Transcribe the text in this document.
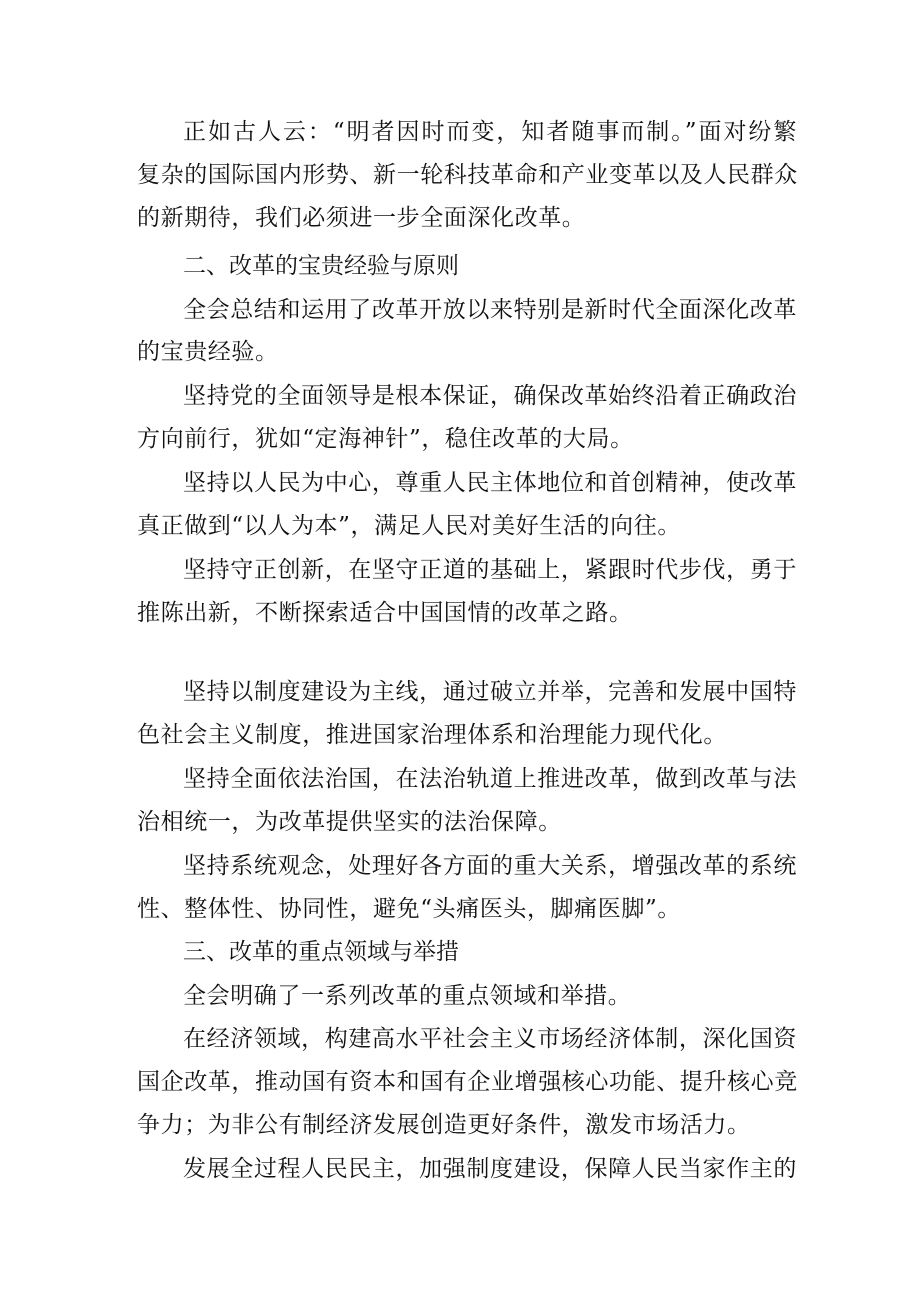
正如古人云：“明者因时而变，知者随事而制。”面对纷繁
复杂的国际国内形势、新一轮科技革命和产业变革以及人民群众
的新期待，我们必须进一步全面深化改革。
二、改革的宝贵经验与原则
全会总结和运用了改革开放以来特别是新时代全面深化改革
的宝贵经验。
坚持党的全面领导是根本保证，确保改革始终沿着正确政治
方向前行，犹如“定海神针”，稳住改革的大局。
坚持以人民为中心，尊重人民主体地位和首创精神，使改革
真正做到“以人为本”，满足人民对美好生活的向往。
坚持守正创新，在坚守正道的基础上，紧跟时代步伐，勇于
推陈出新，不断探索适合中国国情的改革之路。
坚持以制度建设为主线，通过破立并举，完善和发展中国特
色社会主义制度，推进国家治理体系和治理能力现代化。
坚持全面依法治国，在法治轨道上推进改革，做到改革与法
治相统一，为改革提供坚实的法治保障。
坚持系统观念，处理好各方面的重大关系，增强改革的系统
性、整体性、协同性，避免“头痛医头，脚痛医脚”。
三、改革的重点领域与举措
全会明确了一系列改革的重点领域和举措。
在经济领域，构建高水平社会主义市场经济体制，深化国资
国企改革，推动国有资本和国有企业增强核心功能、提升核心竞
争力；为非公有制经济发展创造更好条件，激发市场活力。
发展全过程人民民主，加强制度建设，保障人民当家作主的
